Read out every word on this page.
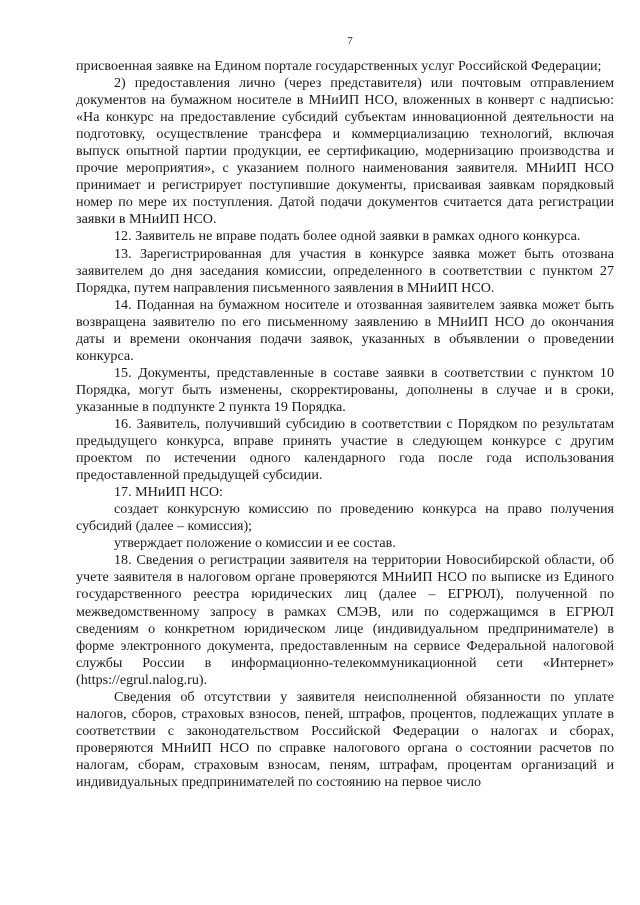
7

присвоенная заявке на Едином портале государственных услуг Российской Федерации;

2) предоставления лично (через представителя) или почтовым отправлением документов на бумажном носителе в МНиИП НСО, вложенных в конверт с надписью: «На конкурс на предоставление субсидий субъектам инновационной деятельности на подготовку, осуществление трансфера и коммерциализацию технологий, включая выпуск опытной партии продукции, ее сертификацию, модернизацию производства и прочие мероприятия», с указанием полного наименования заявителя. МНиИП НСО принимает и регистрирует поступившие документы, присваивая заявкам порядковый номер по мере их поступления. Датой подачи документов считается дата регистрации заявки в МНиИП НСО.

12. Заявитель не вправе подать более одной заявки в рамках одного конкурса.

13. Зарегистрированная для участия в конкурсе заявка может быть отозвана заявителем до дня заседания комиссии, определенного в соответствии с пунктом 27 Порядка, путем направления письменного заявления в МНиИП НСО.

14. Поданная на бумажном носителе и отозванная заявителем заявка может быть возвращена заявителю по его письменному заявлению в МНиИП НСО до окончания даты и времени окончания подачи заявок, указанных в объявлении о проведении конкурса.

15. Документы, представленные в составе заявки в соответствии с пунктом 10 Порядка, могут быть изменены, скорректированы, дополнены в случае и в сроки, указанные в подпункте 2 пункта 19 Порядка.

16. Заявитель, получивший субсидию в соответствии с Порядком по результатам предыдущего конкурса, вправе принять участие в следующем конкурсе с другим проектом по истечении одного календарного года после года использования предоставленной предыдущей субсидии.

17. МНиИП НСО:

создает конкурсную комиссию по проведению конкурса на право получения субсидий (далее – комиссия);

утверждает положение о комиссии и ее состав.

18. Сведения о регистрации заявителя на территории Новосибирской области, об учете заявителя в налоговом органе проверяются МНиИП НСО по выписке из Единого государственного реестра юридических лиц (далее – ЕГРЮЛ), полученной по межведомственному запросу в рамках СМЭВ, или по содержащимся в ЕГРЮЛ сведениям о конкретном юридическом лице (индивидуальном предпринимателе) в форме электронного документа, предоставленным на сервисе Федеральной налоговой службы России в информационно-телекоммуникационной сети «Интернет» (https://egrul.nalog.ru).

Сведения об отсутствии у заявителя неисполненной обязанности по уплате налогов, сборов, страховых взносов, пеней, штрафов, процентов, подлежащих уплате в соответствии с законодательством Российской Федерации о налогах и сборах, проверяются МНиИП НСО по справке налогового органа о состоянии расчетов по налогам, сборам, страховым взносам, пеням, штрафам, процентам организаций и индивидуальных предпринимателей по состоянию на первое число
